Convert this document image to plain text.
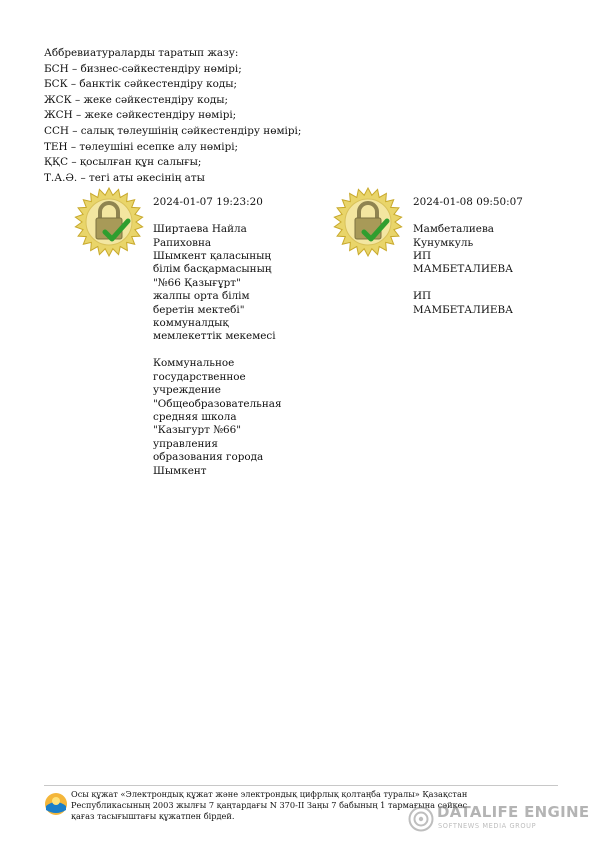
Аббревиатураларды таратып жазу:
БСН – бизнес-сәйкестендіру нөмірі;
БСК – банктік сәйкестендіру коды;
ЖСК – жеке сәйкестендіру коды;
ЖСН – жеке сәйкестендіру нөмірі;
ССН – салық төлеушінің сәйкестендіру нөмірі;
ТЕН – төлеушіні есепке алу нөмірі;
ҚҚС – қосылған құн салығы;
Т.А.Ә. – тегі аты әкесінің аты

2024-01-07 19:23:20

Ширтаева Найла
Рапиховна
Шымкент қаласының
білім басқармасының
"№66 Қазығұрт"
жалпы орта білім
беретін мектебі"
коммуналдық
мемлекеттік мекемесі

Коммунальное
государственное
учреждение
"Общеобразовательная
средняя школа
"Казыгурт №66"
управления
образования города
Шымкент

2024-01-08 09:50:07

Мамбеталиева
Кунумкуль
ИП
МАМБЕТАЛИЕВА

ИП
МАМБЕТАЛИЕВА

Осы құжат «Электрондық құжат және электрондық цифрлық қолтаңба туралы» Қазақстан Республикасының 2003 жылғы 7 қаңтардағы N 370-II Заңы 7 бабының 1 тармағына сәйкес қағаз тасығыштағы құжатпен бірдей.	DATALIFE ENGINE
SOFTNEWS MEDIA GROUP
